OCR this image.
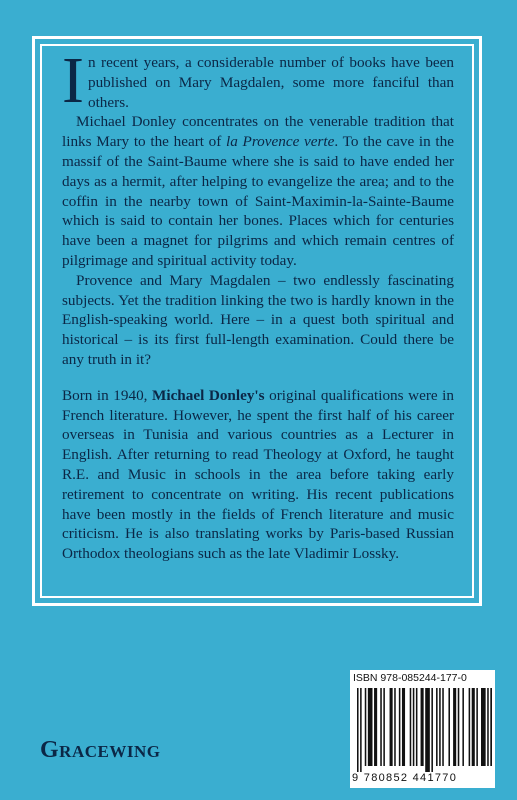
In recent years, a considerable number of books have been published on Mary Magdalen, some more fanciful than others.

Michael Donley concentrates on the venerable tradition that links Mary to the heart of la Provence verte. To the cave in the massif of the Saint-Baume where she is said to have ended her days as a hermit, after helping to evangelize the area; and to the coffin in the nearby town of Saint-Maximin-la-Sainte-Baume which is said to contain her bones. Places which for centuries have been a magnet for pilgrims and which remain centres of pilgrimage and spiritual activity today.

Provence and Mary Magdalen – two endlessly fascinating subjects. Yet the tradition linking the two is hardly known in the English-speaking world. Here – in a quest both spiritual and historical – is its first full-length examination. Could there be any truth in it?

Born in 1940, Michael Donley's original qualifications were in French literature. However, he spent the first half of his career overseas in Tunisia and various countries as a Lecturer in English. After returning to read Theology at Oxford, he taught R.E. and Music in schools in the area before taking early retirement to concentrate on writing. His recent publications have been mostly in the fields of French literature and music criticism. He is also translating works by Paris-based Russian Orthodox theologians such as the late Vladimir Lossky.

GRACEWING
ISBN 978-085244-177-0
9 780852 441770
